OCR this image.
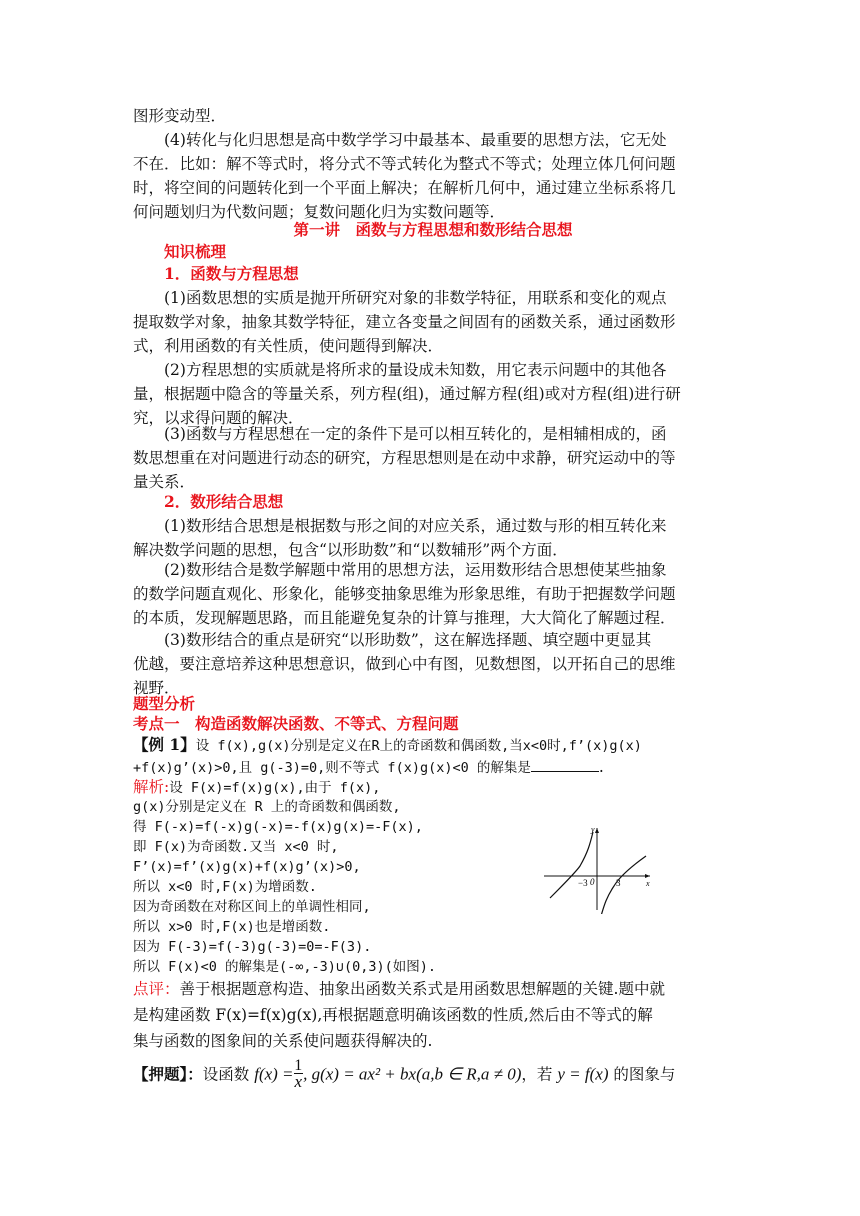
图形变动型．
(4)转化与化归思想是高中数学学习中最基本、最重要的思想方法，它无处
不在．比如：解不等式时，将分式不等式转化为整式不等式；处理立体几何问题
时，将空间的问题转化到一个平面上解决；在解析几何中，通过建立坐标系将几
何问题划归为代数问题；复数问题化归为实数问题等．
第一讲　函数与方程思想和数形结合思想
知识梳理
1．函数与方程思想
(1)函数思想的实质是抛开所研究对象的非数学特征，用联系和变化的观点
提取数学对象，抽象其数学特征，建立各变量之间固有的函数关系，通过函数形
式，利用函数的有关性质，使问题得到解决．
(2)方程思想的实质就是将所求的量设成未知数，用它表示问题中的其他各
量，根据题中隐含的等量关系，列方程(组)，通过解方程(组)或对方程(组)进行研
究，以求得问题的解决．
(3)函数与方程思想在一定的条件下是可以相互转化的，是相辅相成的，函
数思想重在对问题进行动态的研究，方程思想则是在动中求静，研究运动中的等
量关系．
2．数形结合思想
(1)数形结合思想是根据数与形之间的对应关系，通过数与形的相互转化来
解决数学问题的思想，包含“以形助数”和“以数辅形”两个方面．
(2)数形结合是数学解题中常用的思想方法，运用数形结合思想使某些抽象
的数学问题直观化、形象化，能够变抽象思维为形象思维，有助于把握数学问题
的本质，发现解题思路，而且能避免复杂的计算与推理，大大简化了解题过程．
(3)数形结合的重点是研究“以形助数”，这在解选择题、填空题中更显其
优越，要注意培养这种思想意识，做到心中有图，见数想图，以开拓自己的思维
视野．
题型分析
考点一　构造函数解决函数、不等式、方程问题
【例 1】设 f(x),g(x)分别是定义在R上的奇函数和偶函数,当x<0时,f’(x)g(x)
+f(x)g’(x)>0,且 g(-3)=0,则不等式 f(x)g(x)<0 的解集是	.
解析:设 F(x)=f(x)g(x),由于 f(x),
g(x)分别是定义在 R 上的奇函数和偶函数,
得 F(-x)=f(-x)g(-x)=-f(x)g(x)=-F(x),
即 F(x)为奇函数.又当 x<0 时,
F’(x)=f’(x)g(x)+f(x)g’(x)>0,
所以 x<0 时,F(x)为增函数.
因为奇函数在对称区间上的单调性相同,
所以 x>0 时,F(x)也是增函数.
因为 F(-3)=f(-3)g(-3)=0=-F(3).
所以 F(x)<0 的解集是(-∞,-3)∪(0,3)(如图).
−3 0 3	x
y
点评：善于根据题意构造、抽象出函数关系式是用函数思想解题的关键.题中就
是构建函数 F(x)=f(x)g(x),再根据题意明确该函数的性质,然后由不等式的解
集与函数的图象间的关系使问题获得解决的.
【押题】：设函数 $f(x) = \frac{1}{x}$ , g(x) = ax² + bx(a,b ∈ R,a ≠ 0)，若 y = f(x) 的图象与
